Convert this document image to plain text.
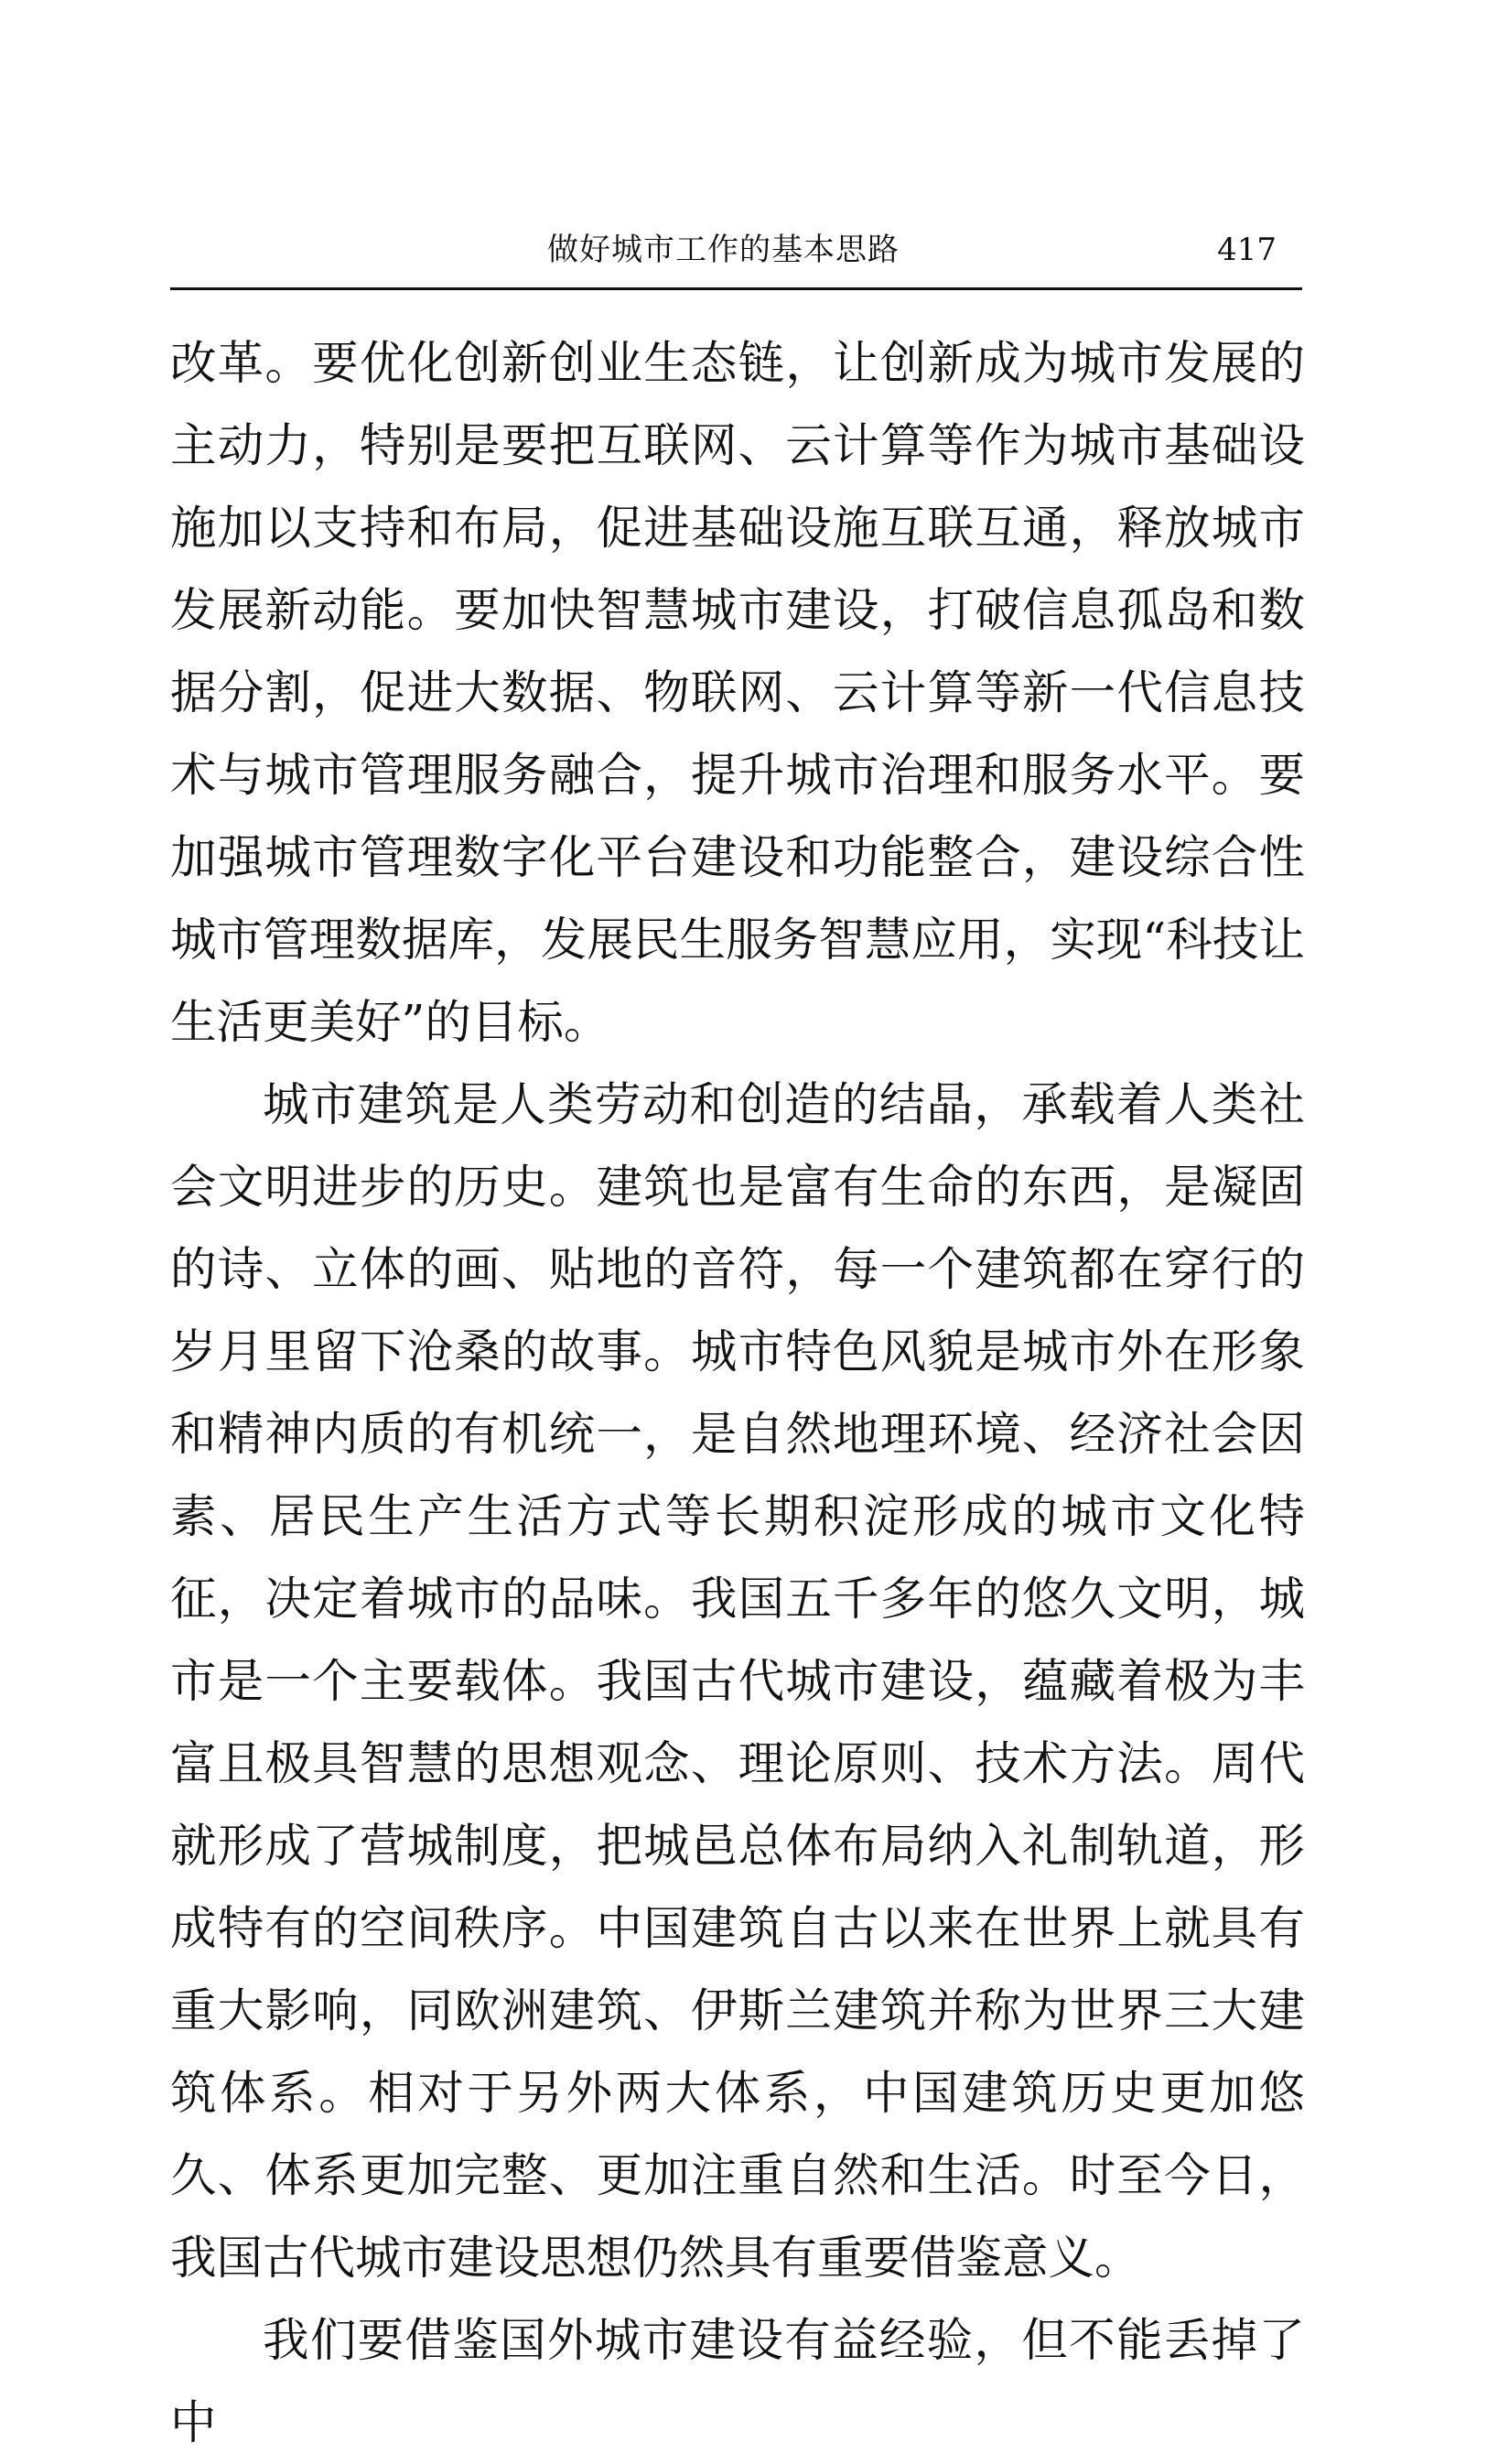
做好城市工作的基本思路	417

改革。要优化创新创业生态链，让创新成为城市发展的主动力，特别是要把互联网、云计算等作为城市基础设施加以支持和布局，促进基础设施互联互通，释放城市发展新动能。要加快智慧城市建设，打破信息孤岛和数据分割，促进大数据、物联网、云计算等新一代信息技术与城市管理服务融合，提升城市治理和服务水平。要加强城市管理数字化平台建设和功能整合，建设综合性城市管理数据库，发展民生服务智慧应用，实现“科技让生活更美好”的目标。

城市建筑是人类劳动和创造的结晶，承载着人类社会文明进步的历史。建筑也是富有生命的东西，是凝固的诗、立体的画、贴地的音符，每一个建筑都在穿行的岁月里留下沧桑的故事。城市特色风貌是城市外在形象和精神内质的有机统一，是自然地理环境、经济社会因素、居民生产生活方式等长期积淀形成的城市文化特征，决定着城市的品味。我国五千多年的悠久文明，城市是一个主要载体。我国古代城市建设，蕴藏着极为丰富且极具智慧的思想观念、理论原则、技术方法。周代就形成了营城制度，把城邑总体布局纳入礼制轨道，形成特有的空间秩序。中国建筑自古以来在世界上就具有重大影响，同欧洲建筑、伊斯兰建筑并称为世界三大建筑体系。相对于另外两大体系，中国建筑历史更加悠久、体系更加完整、更加注重自然和生活。时至今日，我国古代城市建设思想仍然具有重要借鉴意义。

我们要借鉴国外城市建设有益经验，但不能丢掉了中
